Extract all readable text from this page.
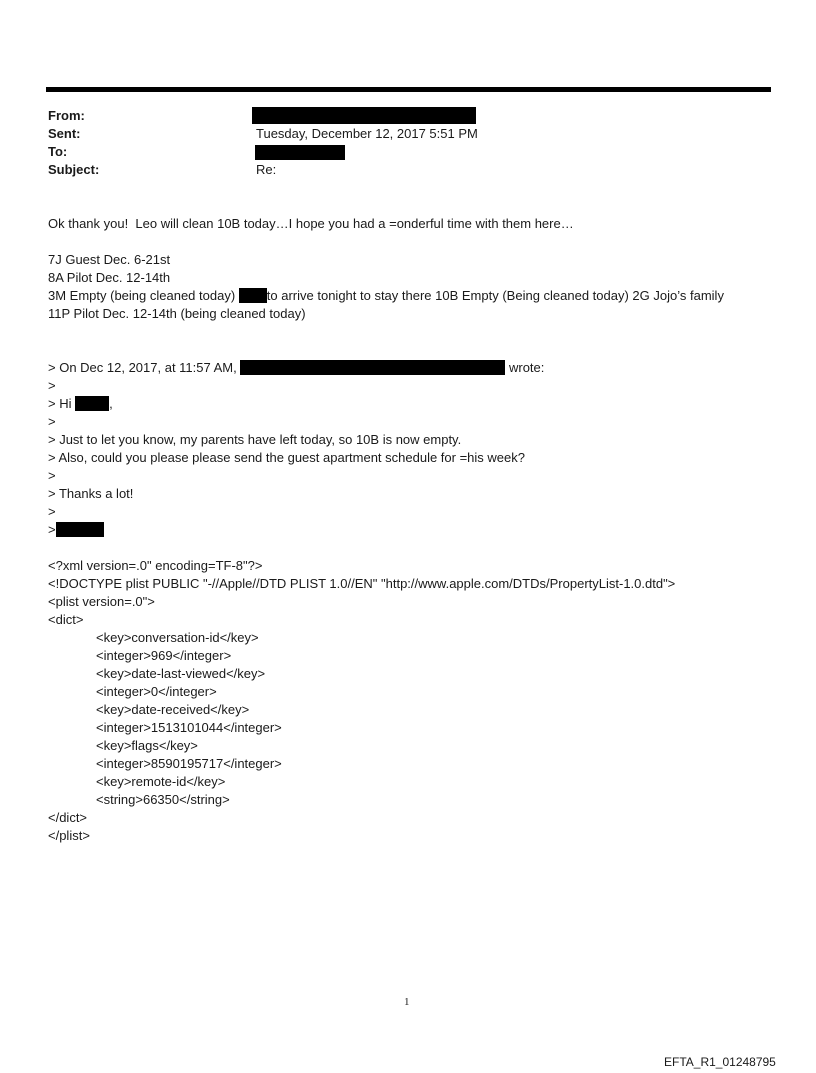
From:
Sent:	Tuesday, December 12, 2017 5:51 PM
To:
Subject:	Re:
Ok thank you!  Leo will clean 10B today…I hope you had a =onderful time with them here…
7J Guest Dec. 6-21st
8A Pilot Dec. 12-14th
3M Empty (being cleaned today) to arrive tonight to stay there 10B Empty (Being cleaned today) 2G Jojo’s family
11P Pilot Dec. 12-14th (being cleaned today)
> On Dec 12, 2017, at 11:57 AM,	wrote:
>
> Hi	,
>
> Just to let you know, my parents have left today, so 10B is now empty.
> Also, could you please please send the guest apartment schedule for =his week?
>
> Thanks a lot!
>
>
<?xml version=.0" encoding=TF-8"?>
<!DOCTYPE plist PUBLIC "-//Apple//DTD PLIST 1.0//EN" "http://www.apple.com/DTDs/PropertyList-1.0.dtd">
<plist version=.0">
<dict>
<key>conversation-id</key>
<integer>969</integer>
<key>date-last-viewed</key>
<integer>0</integer>
<key>date-received</key>
<integer>1513101044</integer>
<key>flags</key>
<integer>8590195717</integer>
<key>remote-id</key>
<string>66350</string>
</dict>
</plist>
1
EFTA_R1_01248795
